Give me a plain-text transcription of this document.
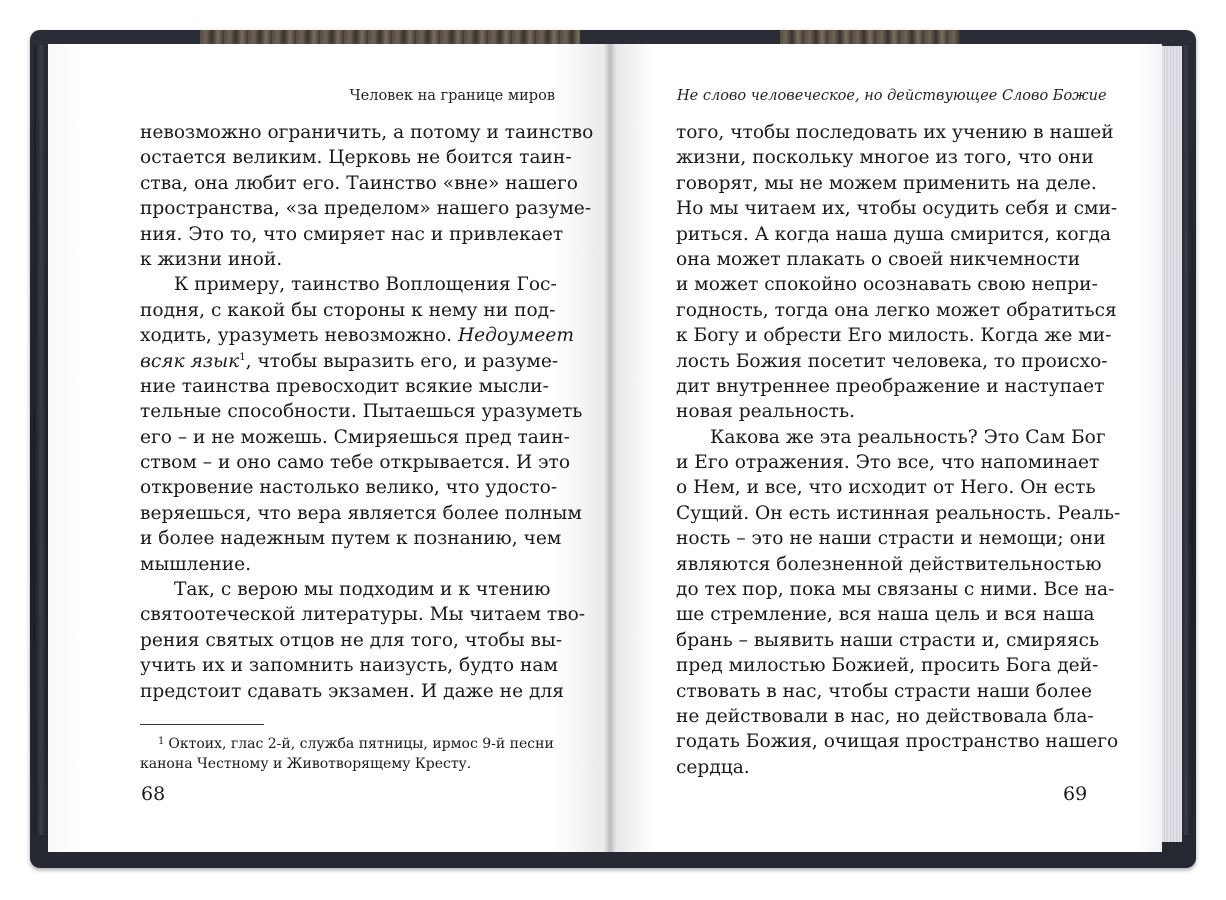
Человек на границе миров	Не слово человеческое, но действующее Слово Божие
невозможно ограничить, а потому и таинство
остается великим. Церковь не боится таин-
ства, она любит его. Таинство «вне» нашего
пространства, «за пределом» нашего разуме-
ния. Это то, что смиряет нас и привлекает
к жизни иной.
К примеру, таинство Воплощения Гос-
подня, с какой бы стороны к нему ни под-
ходить, уразуметь невозможно. Недоумеет
всяк язык$^1$, чтобы выразить его, и разуме-
ние таинства превосходит всякие мысли-
тельные способности. Пытаешься уразуметь
его – и не можешь. Смиряешься пред таин-
ством – и оно само тебе открывается. И это
откровение настолько велико, что удосто-
веряешься, что вера является более полным
и более надежным путем к познанию, чем
мышление.
Так, с верою мы подходим и к чтению
святоотеческой литературы. Мы читаем тво-
рения святых отцов не для того, чтобы вы-
учить их и запомнить наизусть, будто нам
предстоит сдавать экзамен. И даже не для
$^1$ Октоих, глас 2-й, служба пятницы, ирмос 9-й песни
канона Честному и Животворящему Кресту.
68
того, чтобы последовать их учению в нашей
жизни, поскольку многое из того, что они
говорят, мы не можем применить на деле.
Но мы читаем их, чтобы осудить себя и сми-
риться. А когда наша душа смирится, когда
она может плакать о своей никчемности
и может спокойно осознавать свою непри-
годность, тогда она легко может обратиться
к Богу и обрести Его милость. Когда же ми-
лость Божия посетит человека, то происхо-
дит внутреннее преображение и наступает
новая реальность.
Какова же эта реальность? Это Сам Бог
и Его отражения. Это все, что напоминает
о Нем, и все, что исходит от Него. Он есть
Сущий. Он есть истинная реальность. Реаль-
ность – это не наши страсти и немощи; они
являются болезненной действительностью
до тех пор, пока мы связаны с ними. Все на-
ше стремление, вся наша цель и вся наша
брань – выявить наши страсти и, смиряясь
пред милостью Божией, просить Бога дей-
ствовать в нас, чтобы страсти наши более
не действовали в нас, но действовала бла-
годать Божия, очищая пространство нашего
сердца.
69
